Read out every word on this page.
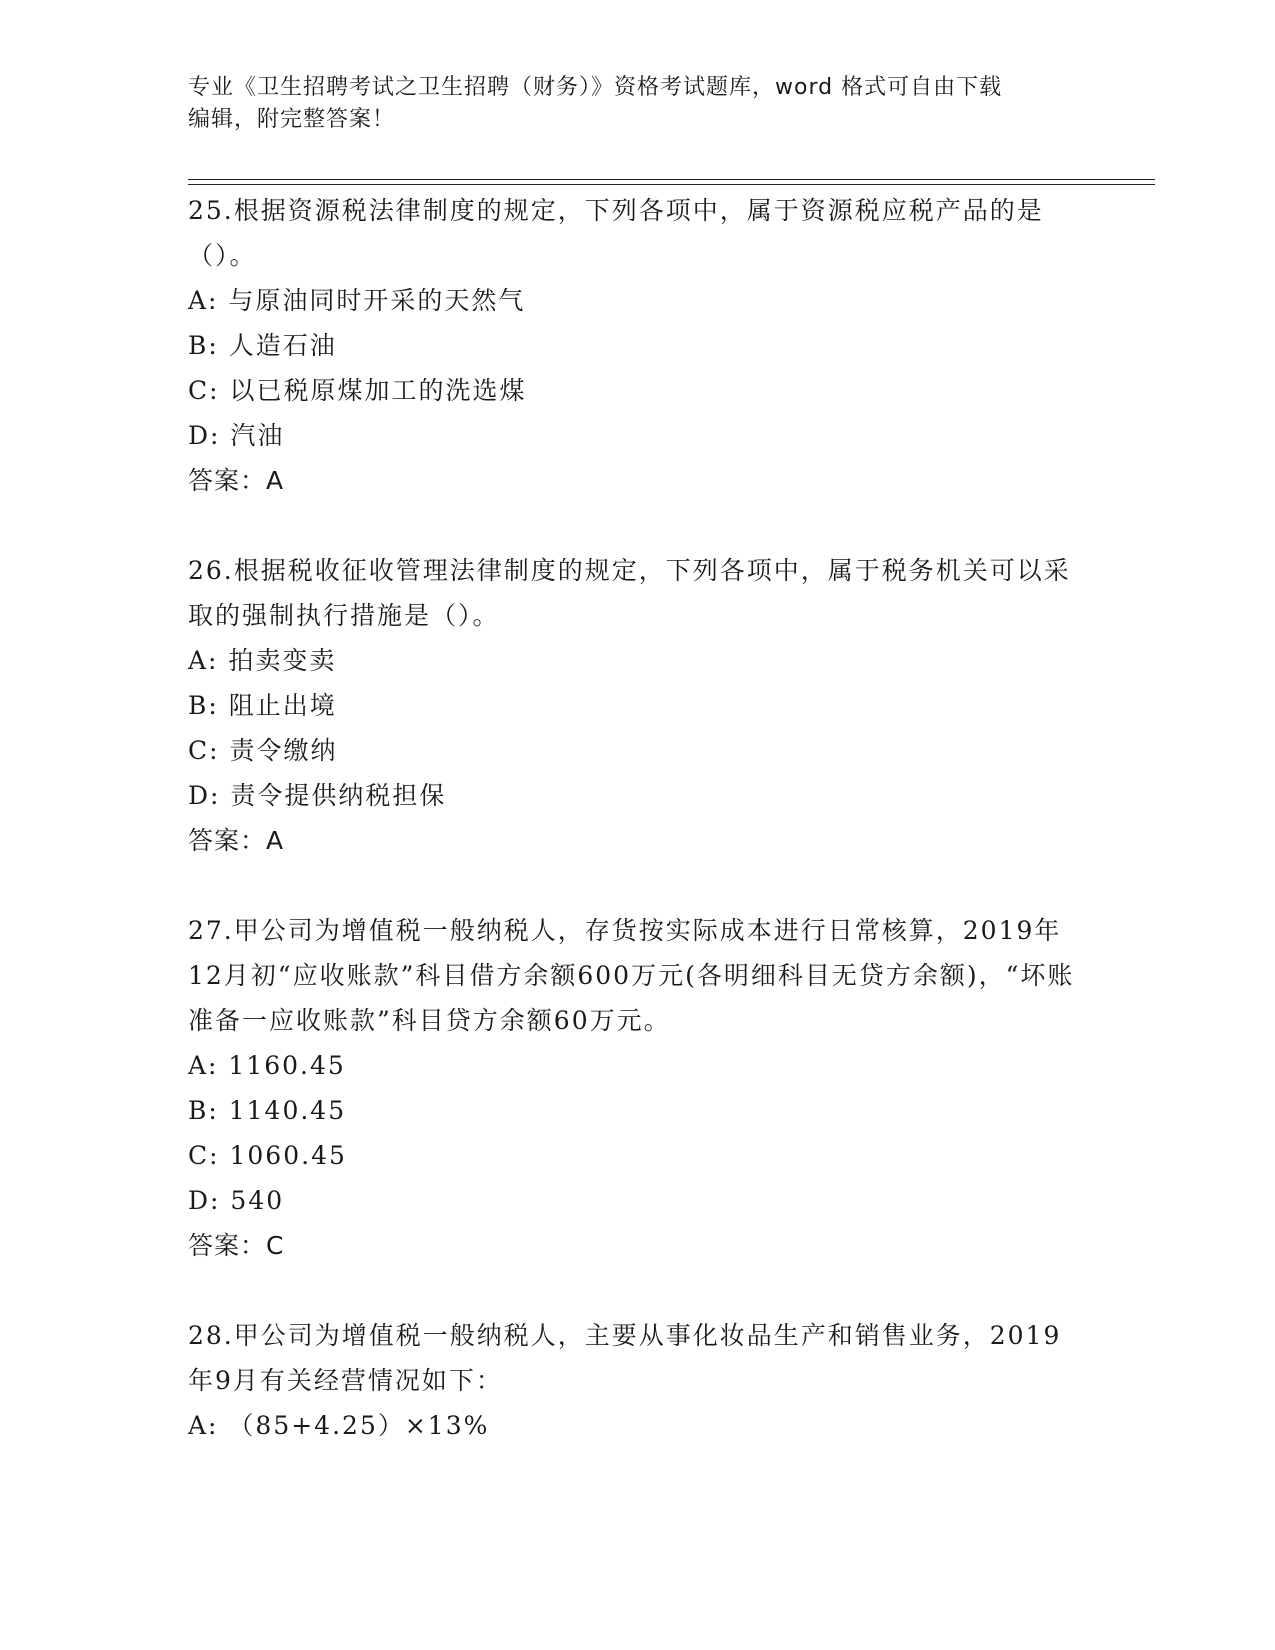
专业《卫生招聘考试之卫生招聘（财务）》资格考试题库，word 格式可自由下载
编辑，附完整答案！

25.根据资源税法律制度的规定，下列各项中，属于资源税应税产品的是（）。

A: 与原油同时开采的天然气

B: 人造石油

C: 以已税原煤加工的洗选煤

D: 汽油

答案：A

26.根据税收征收管理法律制度的规定，下列各项中，属于税务机关可以采取的强制执行措施是（）。

A: 拍卖变卖

B: 阻止出境

C: 责令缴纳

D: 责令提供纳税担保

答案：A

27.甲公司为增值税一般纳税人，存货按实际成本进行日常核算，2019年12月初“应收账款”科目借方余额600万元(各明细科目无贷方余额)，“坏账准备一应收账款”科目贷方余额60万元。

A: 1160.45

B: 1140.45

C: 1060.45

D: 540

答案：C

28.甲公司为增值税一般纳税人，主要从事化妆品生产和销售业务，2019年9月有关经营情况如下：

A: （85+4.25）×13%
